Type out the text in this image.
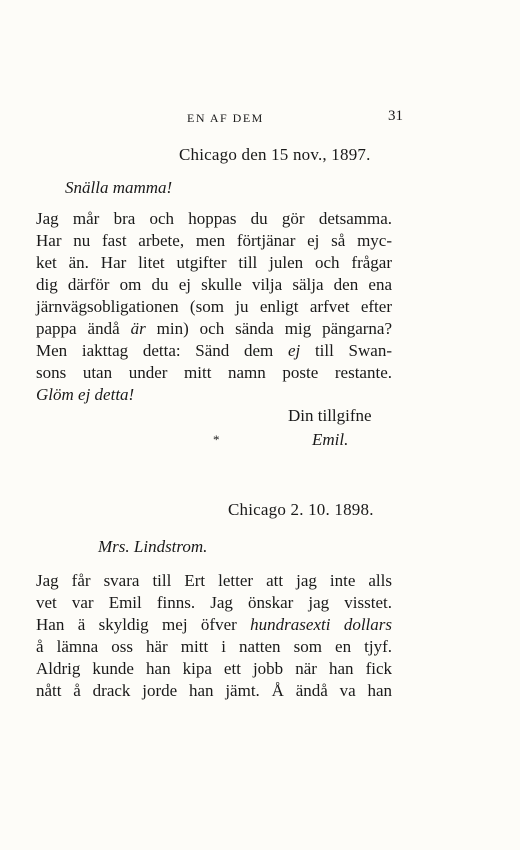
EN AF DEM	31
Chicago den 15 nov., 1897.
Snälla mamma!
Jag mår bra och hoppas du gör detsamma.
Har nu fast arbete, men förtjänar ej så myc-
ket än. Har litet utgifter till julen och frågar
dig därför om du ej skulle vilja sälja den ena
järnvägsobligationen (som ju enligt arfvet efter
pappa ändå är min) och sända mig pängarna?
Men iakttag detta: Sänd dem ej till Swan-
sons utan under mitt namn poste restante.
Glöm ej detta!
Din tillgifne
Emil.
*
Chicago 2. 10. 1898.
Mrs. Lindstrom.
Jag får svara till Ert letter att jag inte alls
vet var Emil finns. Jag önskar jag visstet.
Han ä skyldig mej öfver hundrasexti dollars
å lämna oss här mitt i natten som en tjyf.
Aldrig kunde han kipa ett jobb när han fick
nått å drack jorde han jämt. Å ändå va han
